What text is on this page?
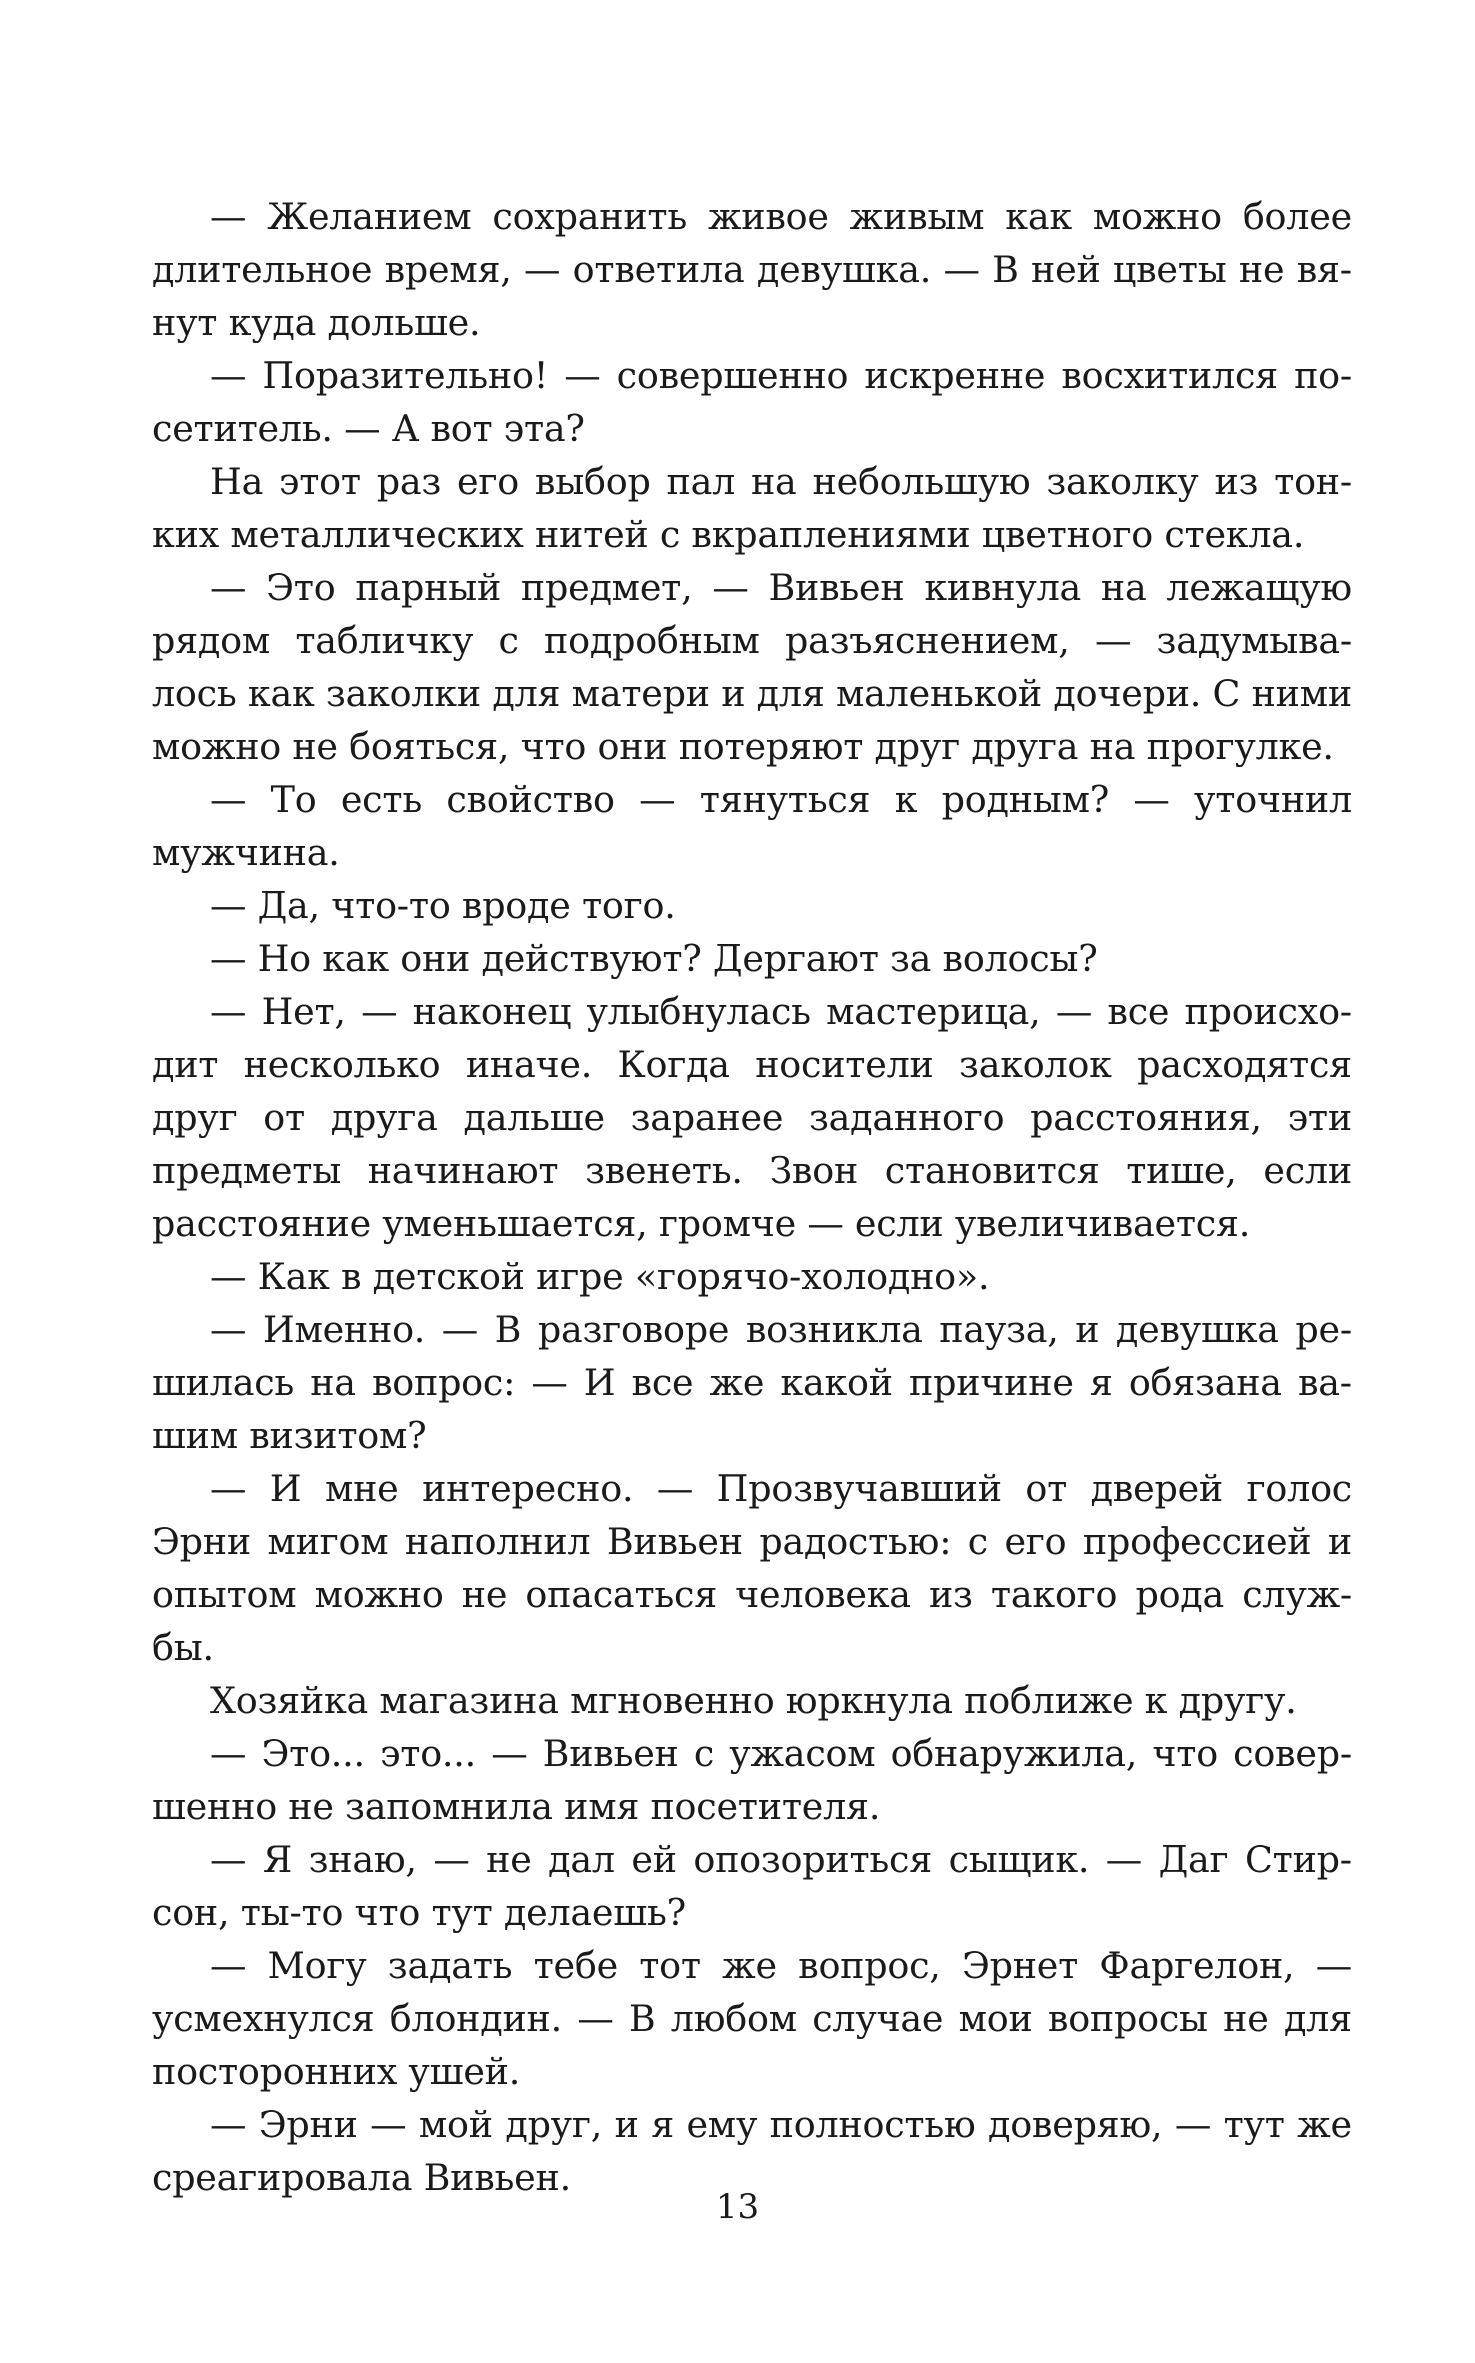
— Желанием сохранить живое живым как можно более
длительное время, — ответила девушка. — В ней цветы не вя-
нут куда дольше.
— Поразительно! — совершенно искренне восхитился по-
сетитель. — А вот эта?
На этот раз его выбор пал на небольшую заколку из тон-
ких металлических нитей с вкраплениями цветного стекла.
— Это парный предмет, — Вивьен кивнула на лежащую
рядом табличку с подробным разъяснением, — задумыва-
лось как заколки для матери и для маленькой дочери. С ними
можно не бояться, что они потеряют друг друга на прогулке.
— То есть свойство — тянуться к родным? — уточнил
мужчина.
— Да, что-то вроде того.
— Но как они действуют? Дергают за волосы?
— Нет, — наконец улыбнулась мастерица, — все происхо-
дит несколько иначе. Когда носители заколок расходятся
друг от друга дальше заранее заданного расстояния, эти
предметы начинают звенеть. Звон становится тише, если
расстояние уменьшается, громче — если увеличивается.
— Как в детской игре «горячо-холодно».
— Именно. — В разговоре возникла пауза, и девушка ре-
шилась на вопрос: — И все же какой причине я обязана ва-
шим визитом?
— И мне интересно. — Прозвучавший от дверей голос
Эрни мигом наполнил Вивьен радостью: с его профессией и
опытом можно не опасаться человека из такого рода служ-
бы.
Хозяйка магазина мгновенно юркнула поближе к другу.
— Это... это... — Вивьен с ужасом обнаружила, что совер-
шенно не запомнила имя посетителя.
— Я знаю, — не дал ей опозориться сыщик. — Даг Стир-
сон, ты-то что тут делаешь?
— Могу задать тебе тот же вопрос, Эрнет Фаргелон, —
усмехнулся блондин. — В любом случае мои вопросы не для
посторонних ушей.
— Эрни — мой друг, и я ему полностью доверяю, — тут же
среагировала Вивьен.
13
